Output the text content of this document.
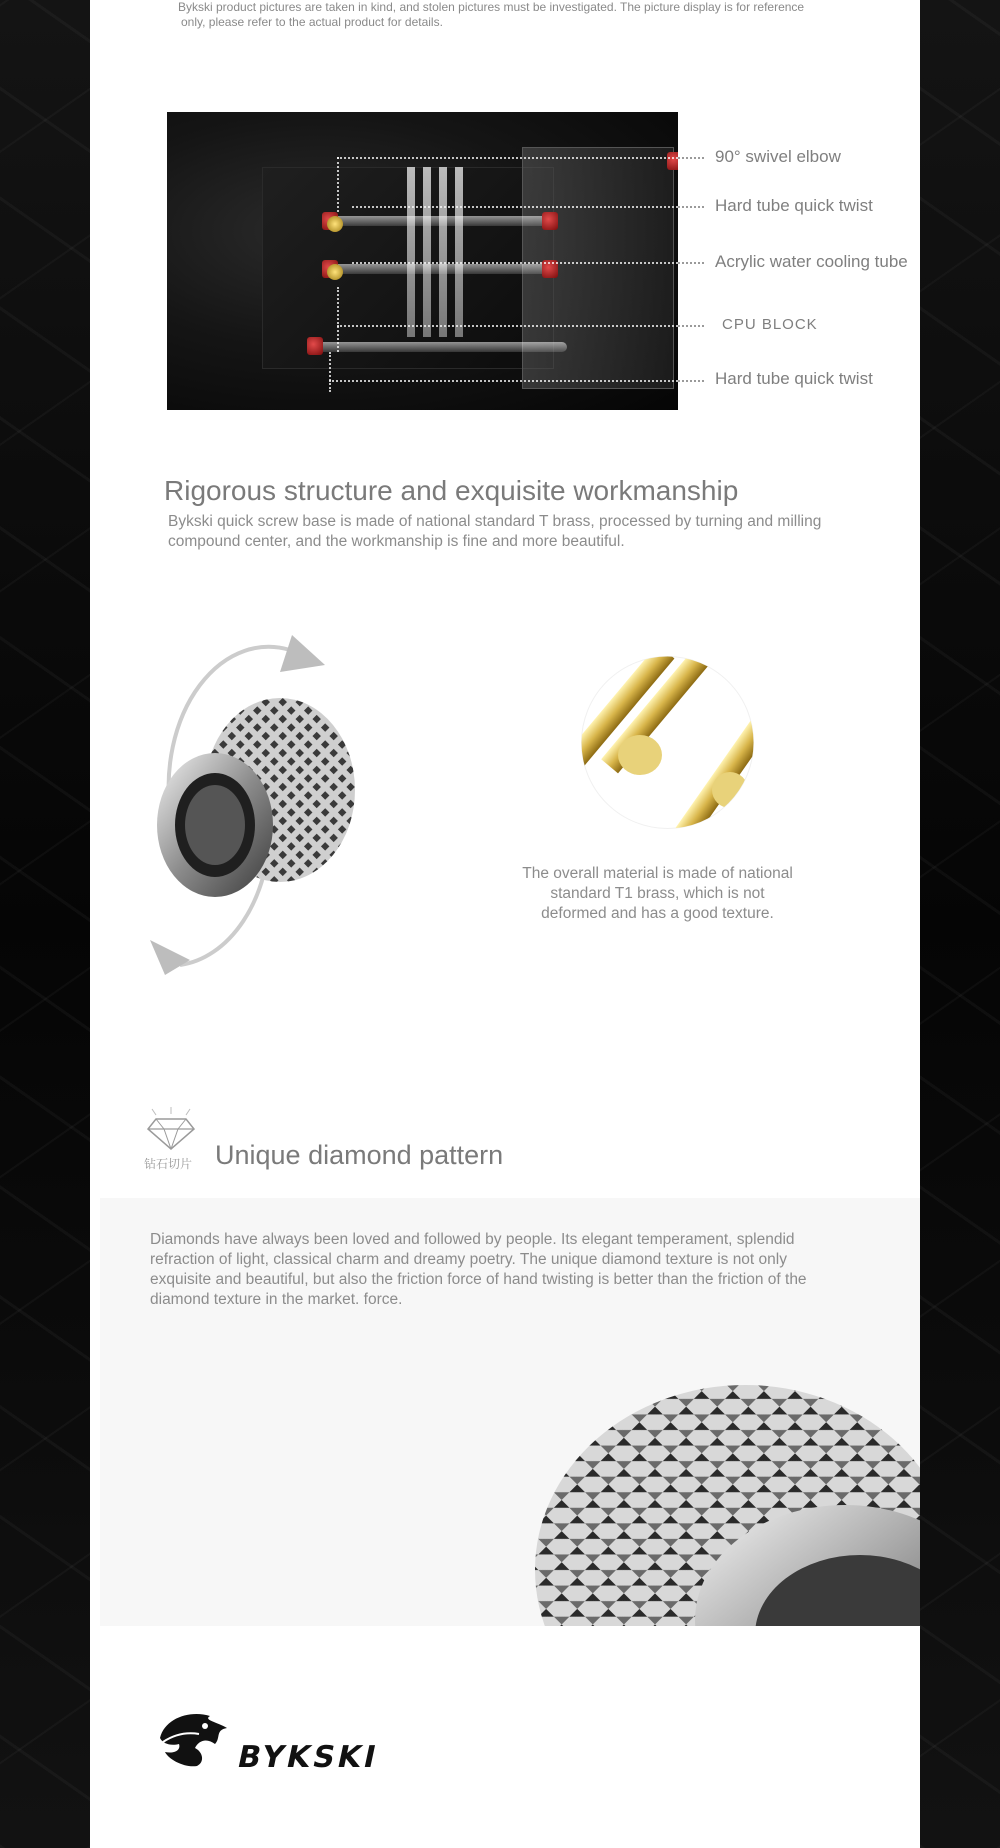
Bykski product pictures are taken in kind, and stolen pictures must be investigated. The picture display is for reference
only, please refer to the actual product for details.
90° swivel elbow
Hard tube quick twist
Acrylic water cooling tube
CPU BLOCK
Hard tube quick twist
Rigorous structure and exquisite workmanship
Bykski quick screw base is made of national standard T brass, processed by turning and milling compound center, and the workmanship is fine and more beautiful.
The overall material is made of national
standard T1 brass, which is not
deformed and has a good texture.
钻石切片 Unique diamond pattern
Diamonds have always been loved and followed by people. Its elegant temperament, splendid refraction of light, classical charm and dreamy poetry. The unique diamond texture is not only exquisite and beautiful, but also the friction force of hand twisting is better than the friction of the diamond texture in the market. force.
BYKSKI
